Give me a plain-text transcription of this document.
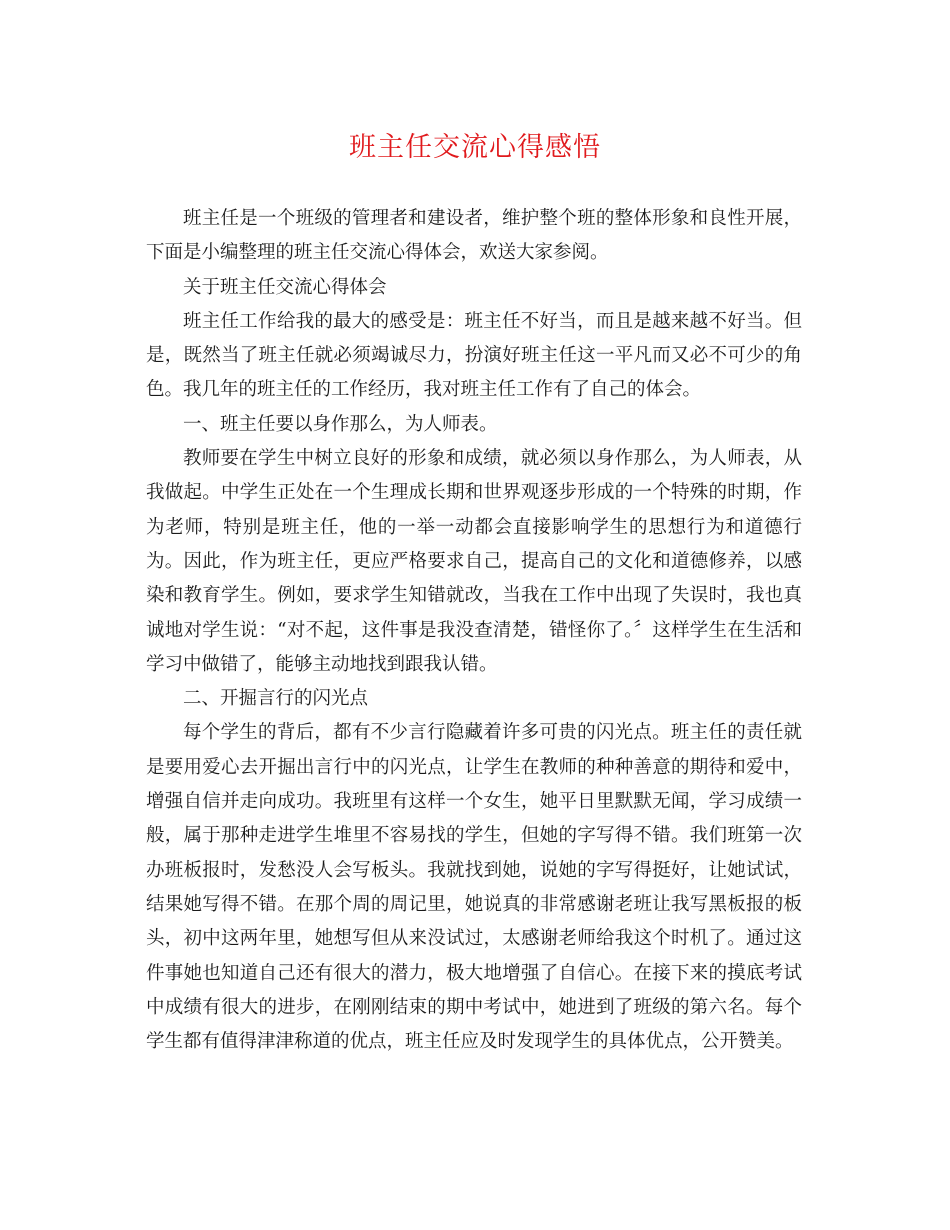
班主任交流心得感悟

班主任是一个班级的管理者和建设者，维护整个班的整体形象和良性开展，下面是小编整理的班主任交流心得体会，欢送大家参阅。

关于班主任交流心得体会

班主任工作给我的最大的感受是：班主任不好当，而且是越来越不好当。但是，既然当了班主任就必须竭诚尽力，扮演好班主任这一平凡而又必不可少的角色。我几年的班主任的工作经历，我对班主任工作有了自己的体会。

一、班主任要以身作那么，为人师表。

教师要在学生中树立良好的形象和成绩，就必须以身作那么，为人师表，从我做起。中学生正处在一个生理成长期和世界观逐步形成的一个特殊的时期，作为老师，特别是班主任，他的一举一动都会直接影响学生的思想行为和道德行为。因此，作为班主任，更应严格要求自己，提高自己的文化和道德修养，以感染和教育学生。例如，要求学生知错就改，当我在工作中出现了失误时，我也真诚地对学生说：“对不起，这件事是我没查清楚，错怪你了。〞这样学生在生活和学习中做错了，能够主动地找到跟我认错。

二、开掘言行的闪光点

每个学生的背后，都有不少言行隐藏着许多可贵的闪光点。班主任的责任就是要用爱心去开掘出言行中的闪光点，让学生在教师的种种善意的期待和爱中，增强自信并走向成功。我班里有这样一个女生，她平日里默默无闻，学习成绩一般，属于那种走进学生堆里不容易找的学生，但她的字写得不错。我们班第一次办班板报时，发愁没人会写板头。我就找到她，说她的字写得挺好，让她试试，结果她写得不错。在那个周的周记里，她说真的非常感谢老班让我写黑板报的板头，初中这两年里，她想写但从来没试过，太感谢老师给我这个时机了。通过这件事她也知道自己还有很大的潜力，极大地增强了自信心。在接下来的摸底考试中成绩有很大的进步，在刚刚结束的期中考试中，她进到了班级的第六名。每个学生都有值得津津称道的优点，班主任应及时发现学生的具体优点，公开赞美。
